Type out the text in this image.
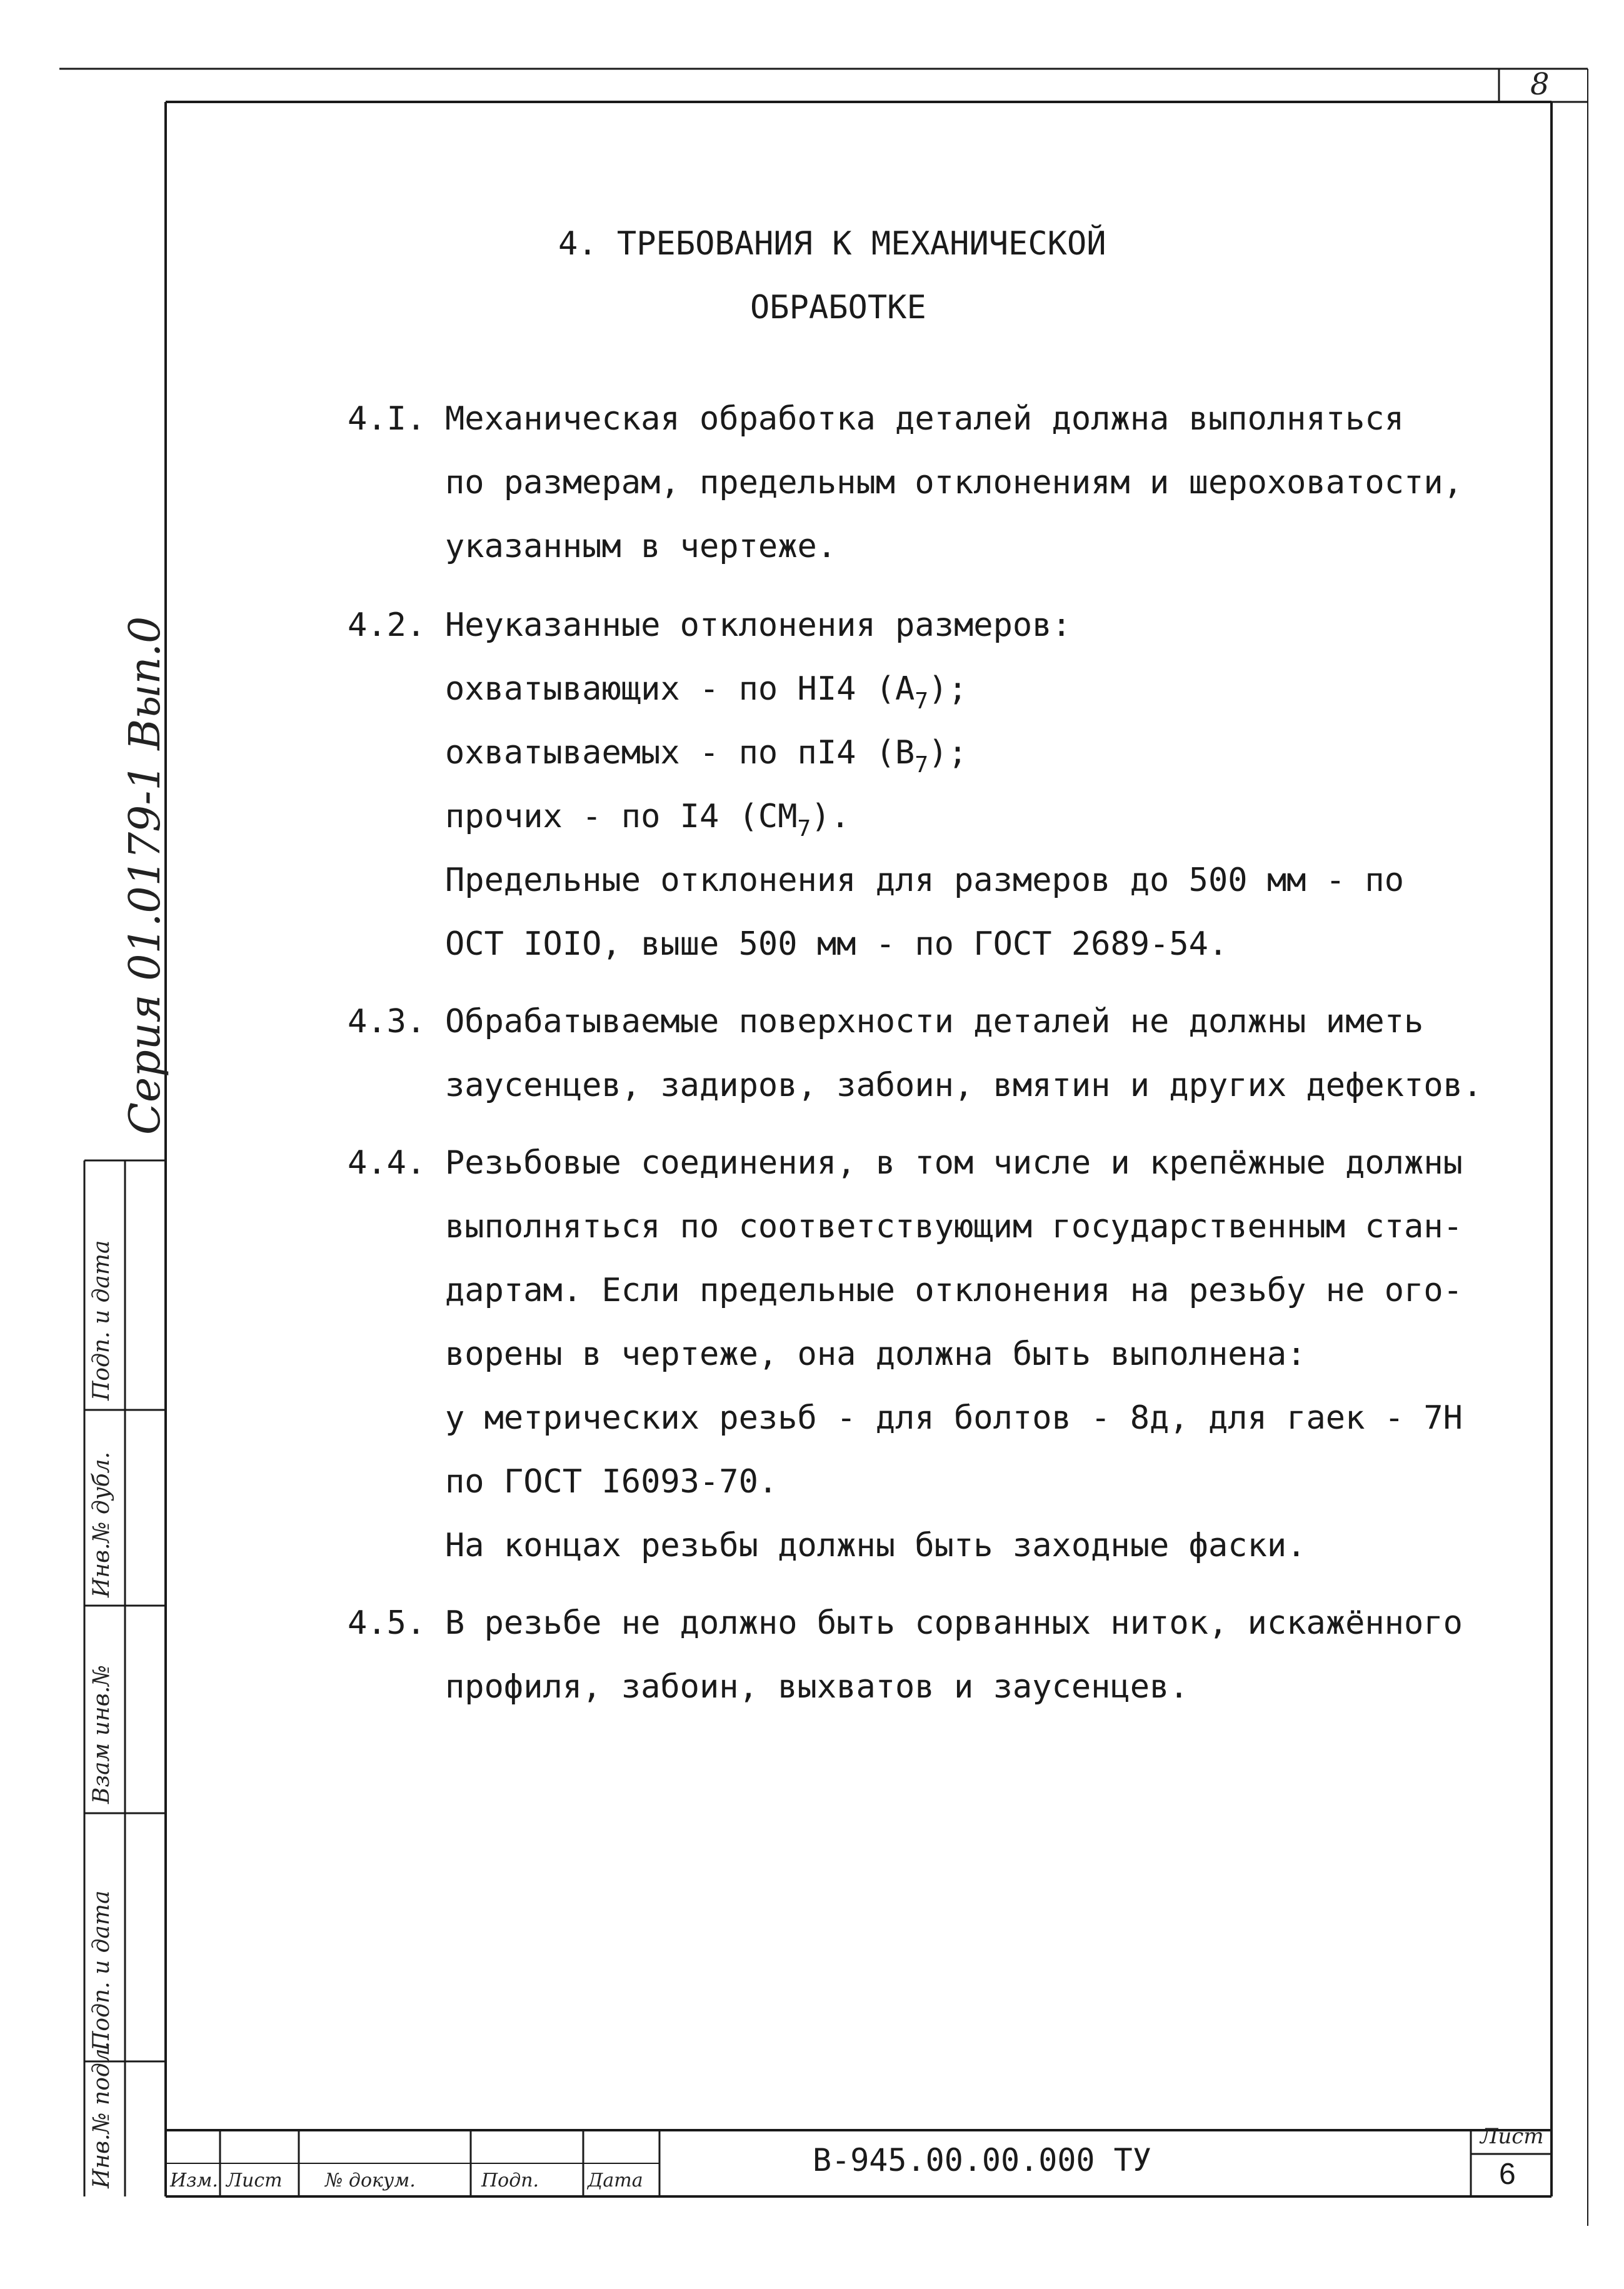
8
Серия 01.0179-1 Вып.0
Инв.№ подл.
Подп. и дата
Взам инв.№
Инв.№ дубл.
Подп. и дата
4. ТРЕБОВАНИЯ К МЕХАНИЧЕСКОЙ
ОБРАБОТКЕ
4.I. Механическая обработка деталей должна выполняться
по размерам, предельным отклонениям и шероховатости,
указанным в чертеже.
4.2. Неуказанные отклонения размеров:
охватывающих - по НI4 $(А_7)$;
охватываемых - по пI4 $(В_7)$;
прочих - по I4 $(СМ_7)$.
Предельные отклонения для размеров до 500 мм - по
ОСТ IOIO, выше 500 мм - по ГОСТ 2689-54.
4.3. Обрабатываемые поверхности деталей не должны иметь
заусенцев, задиров, забоин, вмятин и других дефектов.
4.4. Резьбовые соединения, в том числе и крепёжные должны
выполняться по соответствующим государственным стан-
дартам. Если предельные отклонения на резьбу не ого-
ворены в чертеже, она должна быть выполнена:
у метрических резьб - для болтов - 8д, для гаек - 7Н
по ГОСТ I6093-70.
На концах резьбы должны быть заходные фаски.
4.5. В резьбе не должно быть сорванных ниток, искажённого
профиля, забоин, выхватов и заусенцев.
Изм. Лист № докум.	Подп.	Дата
В-945.00.00.000 ТУ
Лист
6
